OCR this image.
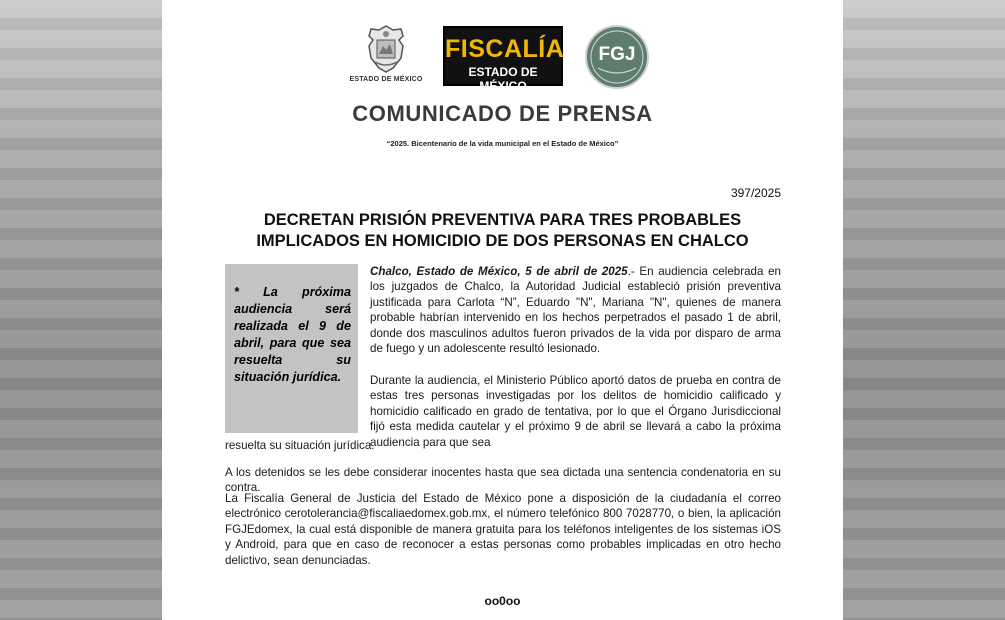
ESTADO DE MÉXICO
FISCALÍA
ESTADO DE MÉXICO
FGJ
COMUNICADO DE PRENSA
“2025. Bicentenario de la vida municipal en el Estado de México”
397/2025
DECRETAN PRISIÓN PREVENTIVA PARA TRES PROBABLES
IMPLICADOS EN HOMICIDIO DE DOS PERSONAS EN CHALCO
* La próxima audiencia será realizada el 9 de abril, para que sea resuelta su situación jurídica.
Chalco, Estado de México, 5 de abril de 2025.- En audiencia celebrada en los juzgados de Chalco, la Autoridad Judicial estableció prisión preventiva justificada para Carlota “N”, Eduardo "N", Mariana "N", quienes de manera probable habrían intervenido en los hechos perpetrados el pasado 1 de abril, donde dos masculinos adultos fueron privados de la vida por disparo de arma de fuego y un adolescente resultó lesionado.
Durante la audiencia, el Ministerio Público aportó datos de prueba en contra de estas tres personas investigadas por los delitos de homicidio calificado y homicidio calificado en grado de tentativa, por lo que el Órgano Jurisdiccional fijó esta medida cautelar y el próximo 9 de abril se llevará a cabo la próxima audiencia para que sea
resuelta su situación jurídica.
A los detenidos se les debe considerar inocentes hasta que sea dictada una sentencia condenatoria en su contra.
La Fiscalía General de Justicia del Estado de México pone a disposición de la ciudadanía el correo electrónico cerotolerancia@fiscaliaedomex.gob.mx, el número telefónico 800 7028770, o bien, la aplicación FGJEdomex, la cual está disponible de manera gratuita para los teléfonos inteligentes de los sistemas iOS y Android, para que en caso de reconocer a estas personas como probables implicadas en otro hecho delictivo, sean denunciadas.
oo0oo
